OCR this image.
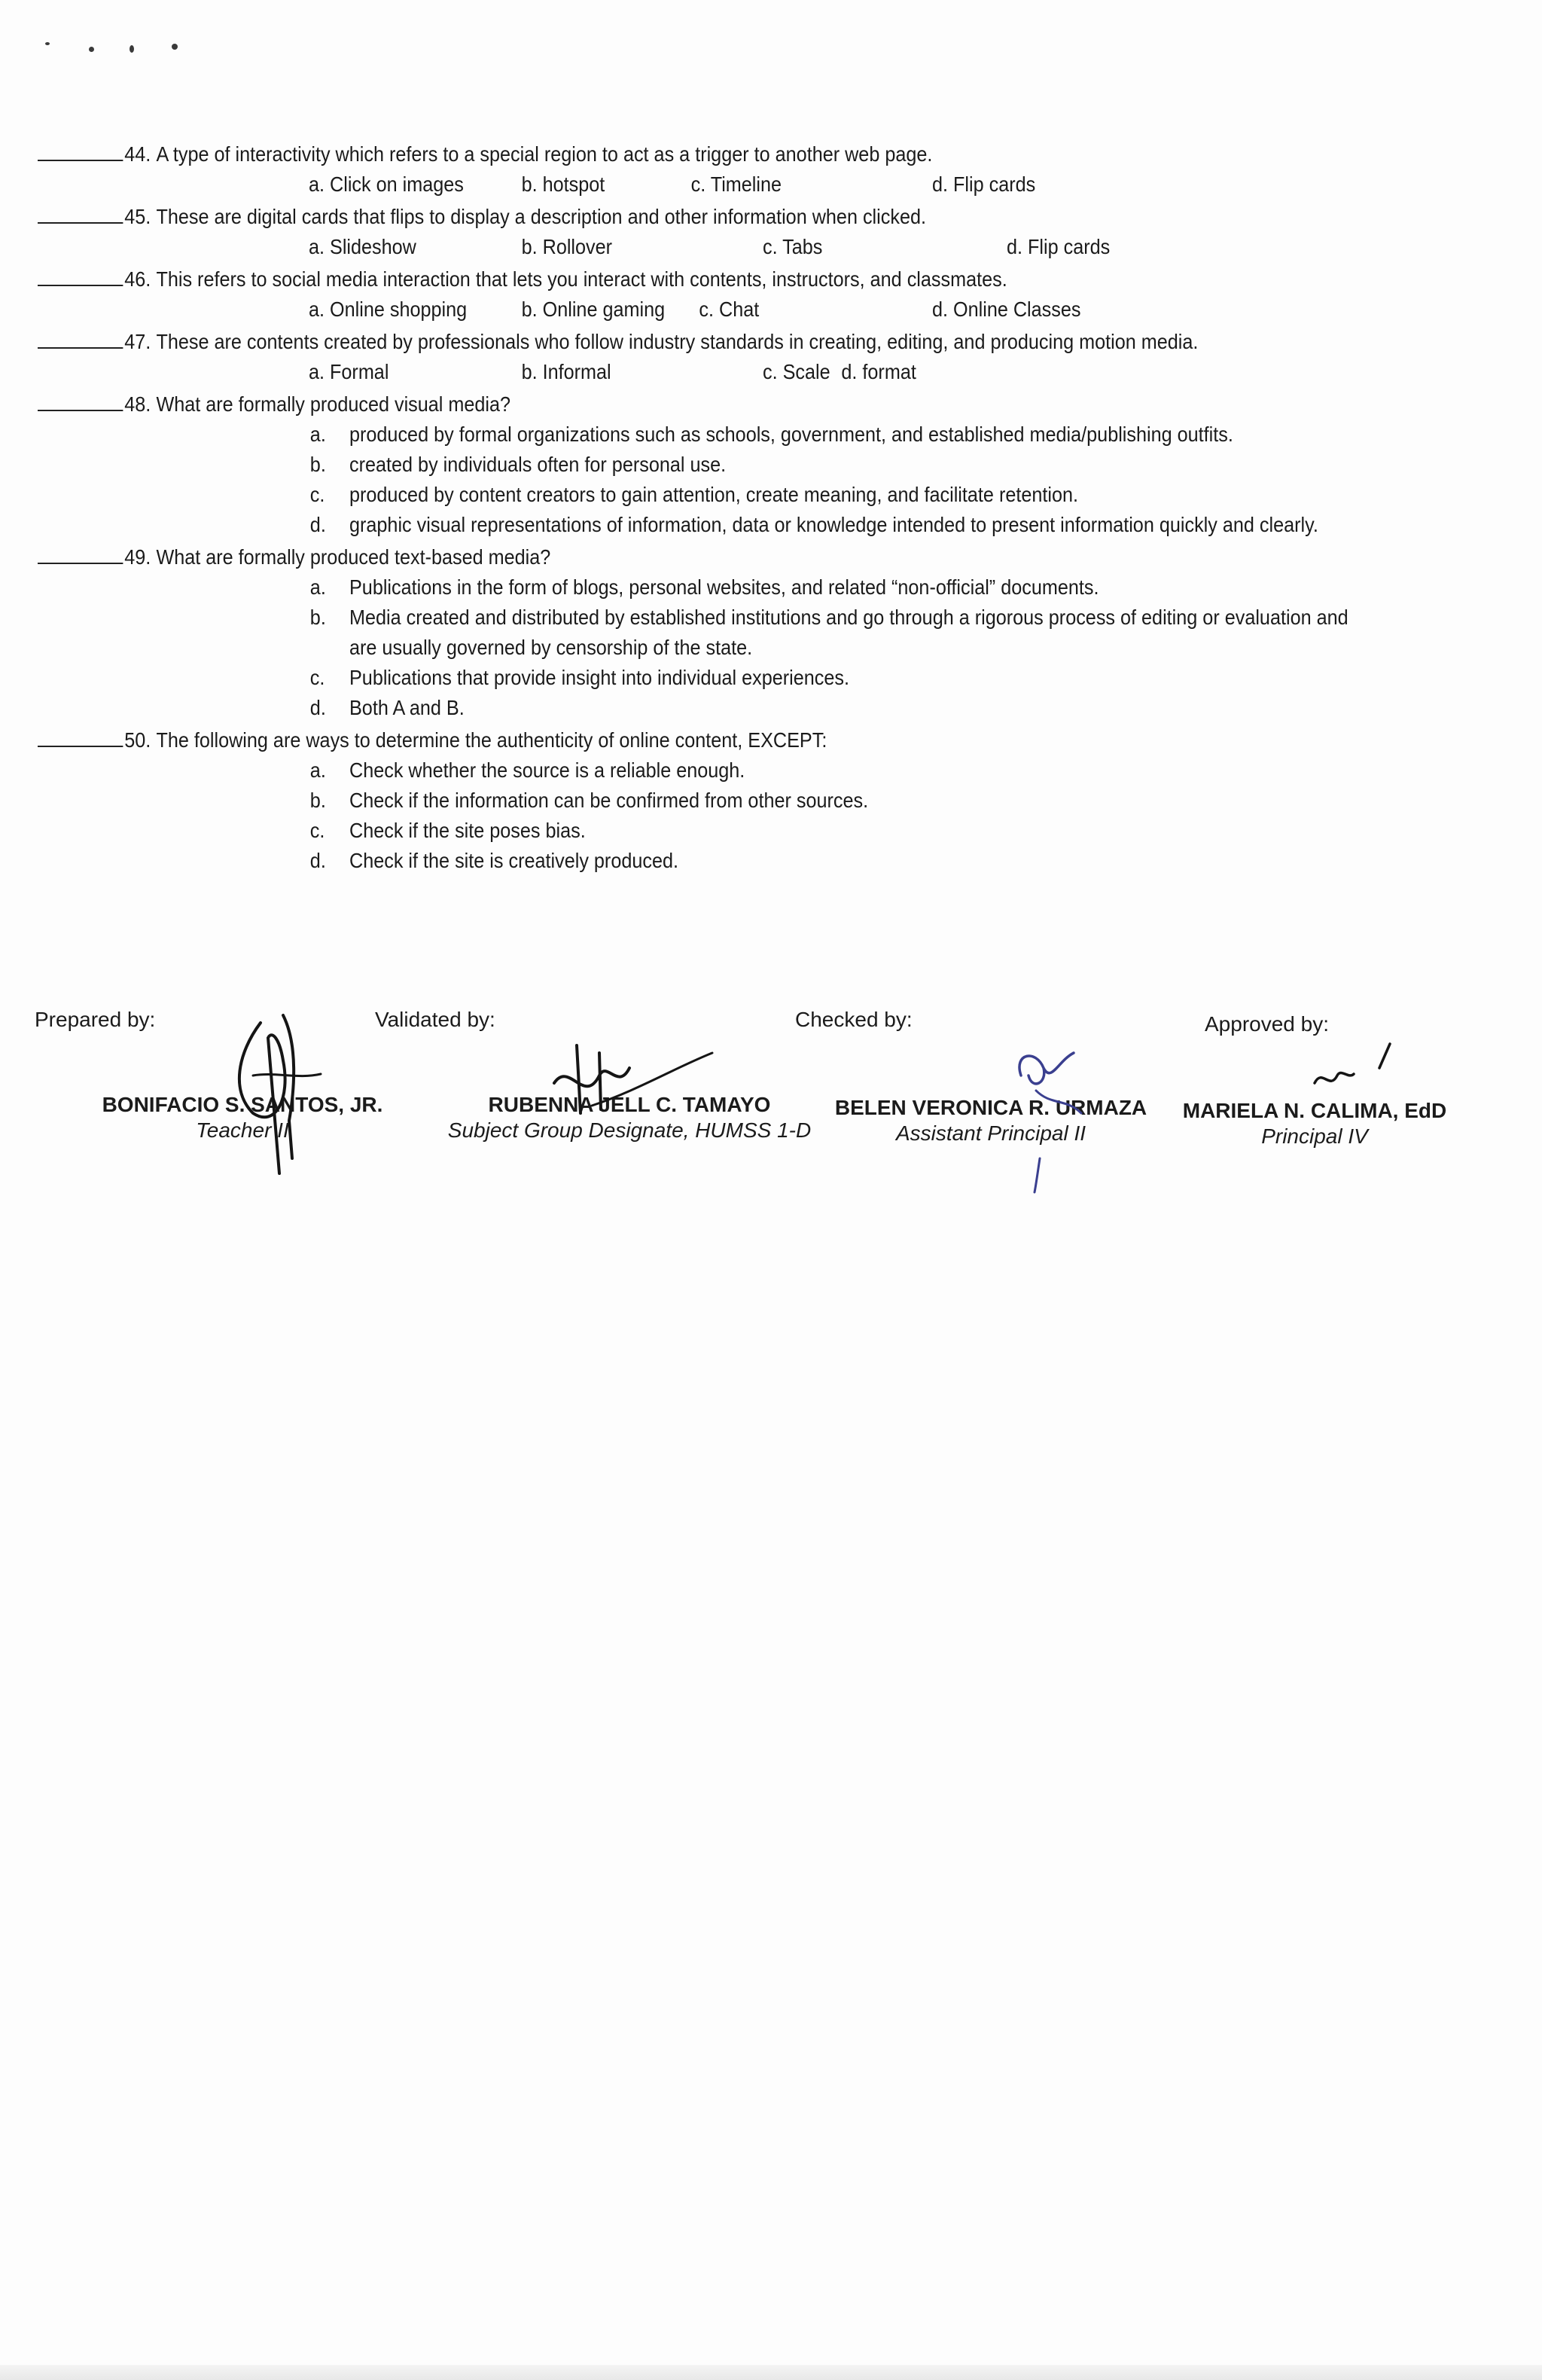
44. A type of interactivity which refers to a special region to act as a trigger to another web page.
a. Click on images	b. hotspot	c. Timeline	d. Flip cards
45. These are digital cards that flips to display a description and other information when clicked.
a. Slideshow	b. Rollover	c. Tabs	d. Flip cards
46. This refers to social media interaction that lets you interact with contents, instructors, and classmates.
a. Online shopping	b. Online gaming c. Chat	d. Online Classes
47. These are contents created by professionals who follow industry standards in creating, editing, and producing motion media.
a. Formal	b. Informal	c. Scale d. format
48. What are formally produced visual media?
a.	produced by formal organizations such as schools, government, and established media/publishing outfits.
b.	created by individuals often for personal use.
c.	produced by content creators to gain attention, create meaning, and facilitate retention.
d.	graphic visual representations of information, data or knowledge intended to present information quickly and clearly.
49. What are formally produced text-based media?
a.	Publications in the form of blogs, personal websites, and related “non-official” documents.
b.	Media created and distributed by established institutions and go through a rigorous process of editing or evaluation and are usually governed by censorship of the state.
c.	Publications that provide insight into individual experiences.
d.	Both A and B.
50. The following are ways to determine the authenticity of online content, EXCEPT:
a.	Check whether the source is a reliable enough.
b.	Check if the information can be confirmed from other sources.
c.	Check if the site poses bias.
d.	Check if the site is creatively produced.
Prepared by:	Validated by:	Checked by:	Approved by:
BONIFACIO S. SANTOS, JR.
Teacher II
RUBENNA JELL C. TAMAYO
Subject Group Designate, HUMSS 1-D
BELEN VERONICA R. URMAZA
Assistant Principal II
MARIELA N. CALIMA, EdD
Principal IV
